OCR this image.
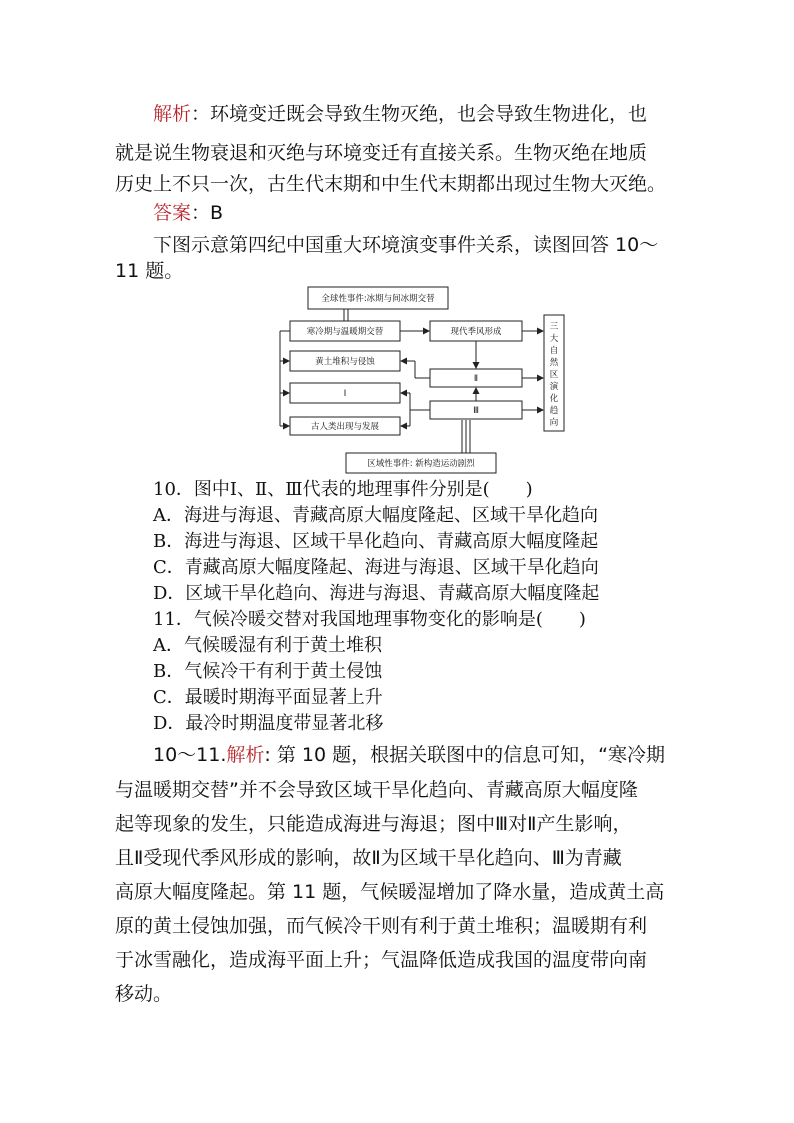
解析：环境变迁既会导致生物灭绝，也会导致生物进化，也
就是说生物衰退和灭绝与环境变迁有直接关系。生物灭绝在地质
历史上不只一次，古生代末期和中生代末期都出现过生物大灭绝。
答案：B
下图示意第四纪中国重大环境演变事件关系，读图回答 10～
11 题。
全球性事件:冰期与间冰期交替
寒冷期与温暖期交替	现代季风形成
黄土堆积与侵蚀
Ⅰ
古人类出现与发展
Ⅱ
Ⅲ
三
大
自
然
区
演
化
趋
向
区域性事件: 新构造运动剧烈
10．图中Ⅰ、Ⅱ、Ⅲ代表的地理事件分别是(　　)
A．海进与海退、青藏高原大幅度隆起、区域干旱化趋向
B．海进与海退、区域干旱化趋向、青藏高原大幅度隆起
C．青藏高原大幅度隆起、海进与海退、区域干旱化趋向
D．区域干旱化趋向、海进与海退、青藏高原大幅度隆起
11．气候冷暖交替对我国地理事物变化的影响是(　　)
A．气候暖湿有利于黄土堆积
B．气候冷干有利于黄土侵蚀
C．最暖时期海平面显著上升
D．最冷时期温度带显著北移
10～11.解析: 第 10 题，根据关联图中的信息可知，“寒冷期
与温暖期交替”并不会导致区域干旱化趋向、青藏高原大幅度隆
起等现象的发生，只能造成海进与海退；图中Ⅲ对Ⅱ产生影响，
且Ⅱ受现代季风形成的影响，故Ⅱ为区域干旱化趋向、Ⅲ为青藏
高原大幅度隆起。第 11 题，气候暖湿增加了降水量，造成黄土高
原的黄土侵蚀加强，而气候冷干则有利于黄土堆积；温暖期有利
于冰雪融化，造成海平面上升；气温降低造成我国的温度带向南
移动。
